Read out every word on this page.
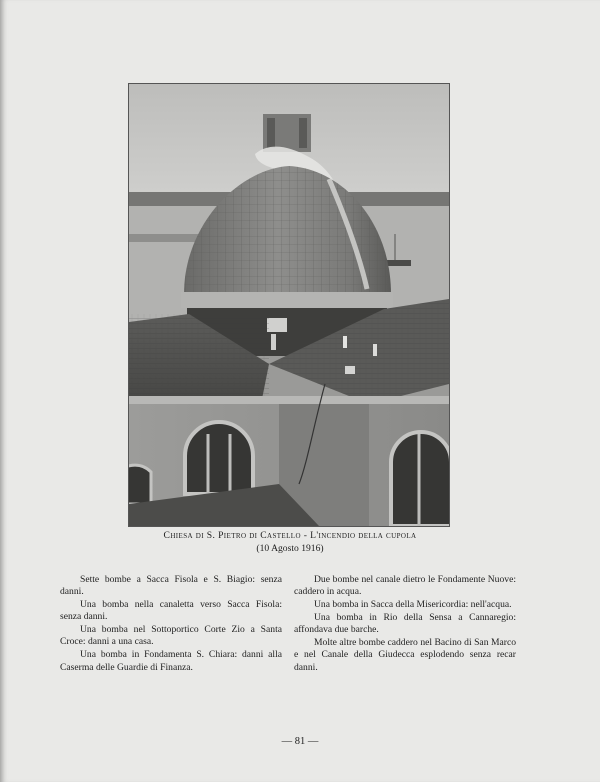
Chiesa di S. Pietro di Castello - L'incendio della cupola
(10 Agosto 1916)

Sette bombe a Sacca Fisola e S. Biagio: senza danni.

Una bomba nella canaletta verso Sacca Fisola: senza danni.

Una bomba nel Sottoportico Corte Zio a Santa Croce: danni a una casa.

Una bomba in Fondamenta S. Chiara: danni alla Caserma delle Guardie di Finanza.

Due bombe nel canale dietro le Fondamente Nuove: caddero in acqua.

Una bomba in Sacca della Misericordia: nell'acqua.

Una bomba in Rio della Sensa a Cannaregio: affondava due barche.

Molte altre bombe caddero nel Bacino di San Marco e nel Canale della Giudecca esplodendo senza recar danni.

— 81 —
